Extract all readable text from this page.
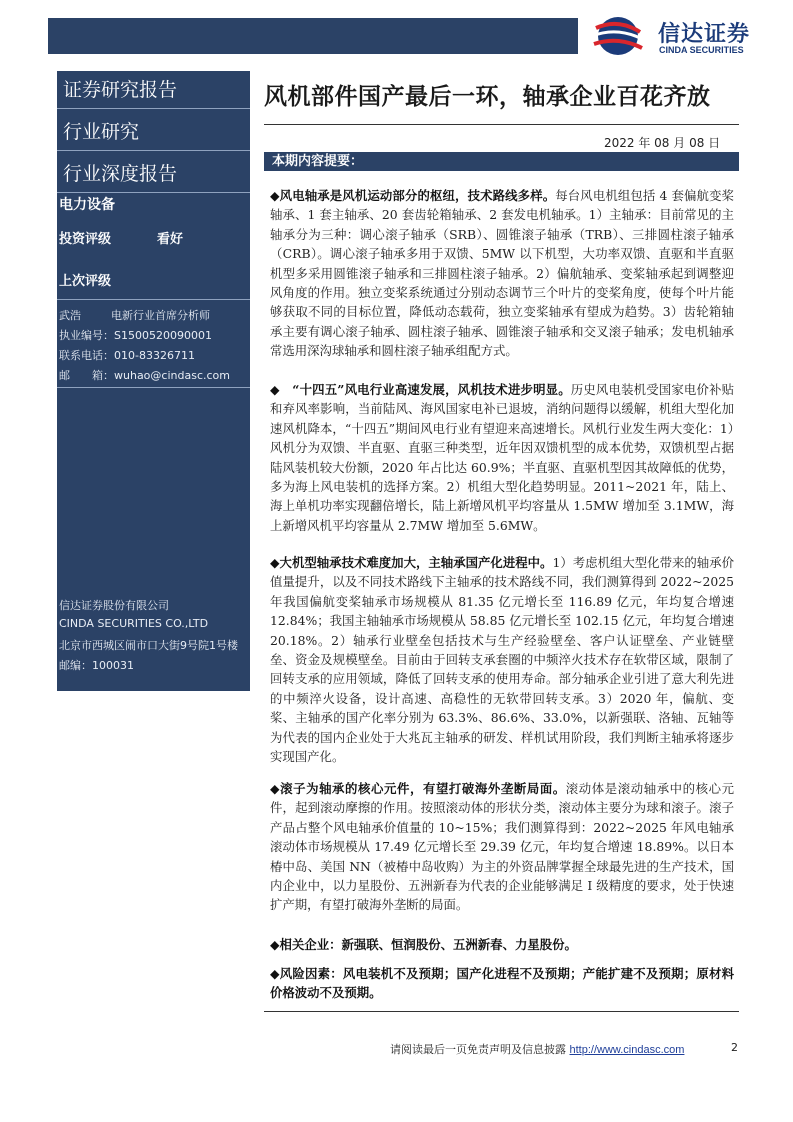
信达证券
CINDA SECURITIES
证券研究报告
行业研究
行业深度报告
电力设备
投资评级	看好
上次评级
武浩	电新行业首席分析师
执业编号：S1500520090001
联系电话：010-83326711
邮　　箱：wuhao@cindasc.com
信达证券股份有限公司
CINDA SECURITIES CO.,LTD
北京市西城区闹市口大街9号院1号楼
邮编：100031
风机部件国产最后一环，轴承企业百花齐放
2022 年 08 月 08 日
本期内容提要：
◆风电轴承是风机运动部分的枢纽，技术路线多样。每台风电机组包括 4 套偏航变桨轴承、1 套主轴承、20 套齿轮箱轴承、2 套发电机轴承。1）主轴承：目前常见的主轴承分为三种：调心滚子轴承（SRB）、圆锥滚子轴承（TRB）、三排圆柱滚子轴承（CRB）。调心滚子轴承多用于双馈、5MW 以下机型，大功率双馈、直驱和半直驱机型多采用圆锥滚子轴承和三排圆柱滚子轴承。2）偏航轴承、变桨轴承起到调整迎风角度的作用。独立变桨系统通过分别动态调节三个叶片的变桨角度，使每个叶片能够获取不同的目标位置，降低动态载荷，独立变桨轴承有望成为趋势。3）齿轮箱轴承主要有调心滚子轴承、圆柱滚子轴承、圆锥滚子轴承和交叉滚子轴承；发电机轴承常选用深沟球轴承和圆柱滚子轴承组配方式。
◆　“十四五”风电行业高速发展，风机技术进步明显。历史风电装机受国家电价补贴和弃风率影响，当前陆风、海风国家电补已退坡，消纳问题得以缓解，机组大型化加速风机降本，“十四五”期间风电行业有望迎来高速增长。风机行业发生两大变化：1）风机分为双馈、半直驱、直驱三种类型，近年因双馈机型的成本优势，双馈机型占据陆风装机较大份额，2020 年占比达 60.9%；半直驱、直驱机型因其故障低的优势，多为海上风电装机的选择方案。2）机组大型化趋势明显。2011~2021 年，陆上、海上单机功率实现翻倍增长，陆上新增风机平均容量从 1.5MW 增加至 3.1MW，海上新增风机平均容量从 2.7MW 增加至 5.6MW。
◆大机型轴承技术难度加大，主轴承国产化进程中。1）考虑机组大型化带来的轴承价值量提升，以及不同技术路线下主轴承的技术路线不同，我们测算得到 2022~2025 年我国偏航变桨轴承市场规模从 81.35 亿元增长至 116.89 亿元，年均复合增速 12.84%；我国主轴轴承市场规模从 58.85 亿元增长至 102.15 亿元，年均复合增速 20.18%。2）轴承行业壁垒包括技术与生产经验壁垒、客户认证壁垒、产业链壁垒、资金及规模壁垒。目前由于回转支承套圈的中频淬火技术存在软带区域，限制了回转支承的应用领域，降低了回转支承的使用寿命。部分轴承企业引进了意大利先进的中频淬火设备，设计高速、高稳性的无软带回转支承。3）2020 年，偏航、变桨、主轴承的国产化率分别为 63.3%、86.6%、33.0%，以新强联、洛轴、瓦轴等为代表的国内企业处于大兆瓦主轴承的研发、样机试用阶段，我们判断主轴承将逐步实现国产化。
◆滚子为轴承的核心元件，有望打破海外垄断局面。滚动体是滚动轴承中的核心元件，起到滚动摩擦的作用。按照滚动体的形状分类，滚动体主要分为球和滚子。滚子产品占整个风电轴承价值量的 10~15%；我们测算得到：2022~2025 年风电轴承滚动体市场规模从 17.49 亿元增长至 29.39 亿元，年均复合增速 18.89%。以日本椿中岛、美国 NN（被椿中岛收购）为主的外资品牌掌握全球最先进的生产技术，国内企业中，以力星股份、五洲新春为代表的企业能够满足 I 级精度的要求，处于快速扩产期，有望打破海外垄断的局面。
◆相关企业：新强联、恒润股份、五洲新春、力星股份。
◆风险因素：风电装机不及预期；国产化进程不及预期；产能扩建不及预期；原材料价格波动不及预期。
请阅读最后一页免责声明及信息披露 http://www.cindasc.com	2
